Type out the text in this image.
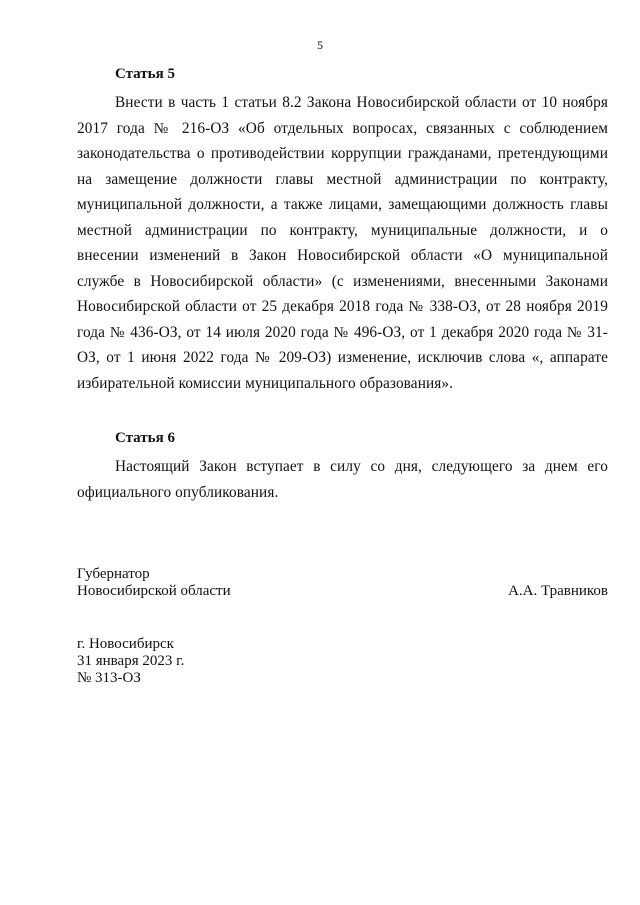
5
Статья 5

Внести в часть 1 статьи 8.2 Закона Новосибирской области от 10 ноября 2017 года № 216-ОЗ «Об отдельных вопросах, связанных с соблюдением законодательства о противодействии коррупции гражданами, претендующими на замещение должности главы местной администрации по контракту, муниципальной должности, а также лицами, замещающими должность главы местной администрации по контракту, муниципальные должности, и о внесении изменений в Закон Новосибирской области «О муниципальной службе в Новосибирской области» (с изменениями, внесенными Законами Новосибирской области от 25 декабря 2018 года № 338-ОЗ, от 28 ноября 2019 года № 436-ОЗ, от 14 июля 2020 года № 496-ОЗ, от 1 декабря 2020 года № 31-ОЗ, от 1 июня 2022 года № 209-ОЗ) изменение, исключив слова «, аппарате избирательной комиссии муниципального образования».

Статья 6

Настоящий Закон вступает в силу со дня, следующего за днем его официального опубликования.

Губернатор
Новосибирской области	А.А. Травников
г. Новосибирск
31 января 2023 г.
№ 313-ОЗ
